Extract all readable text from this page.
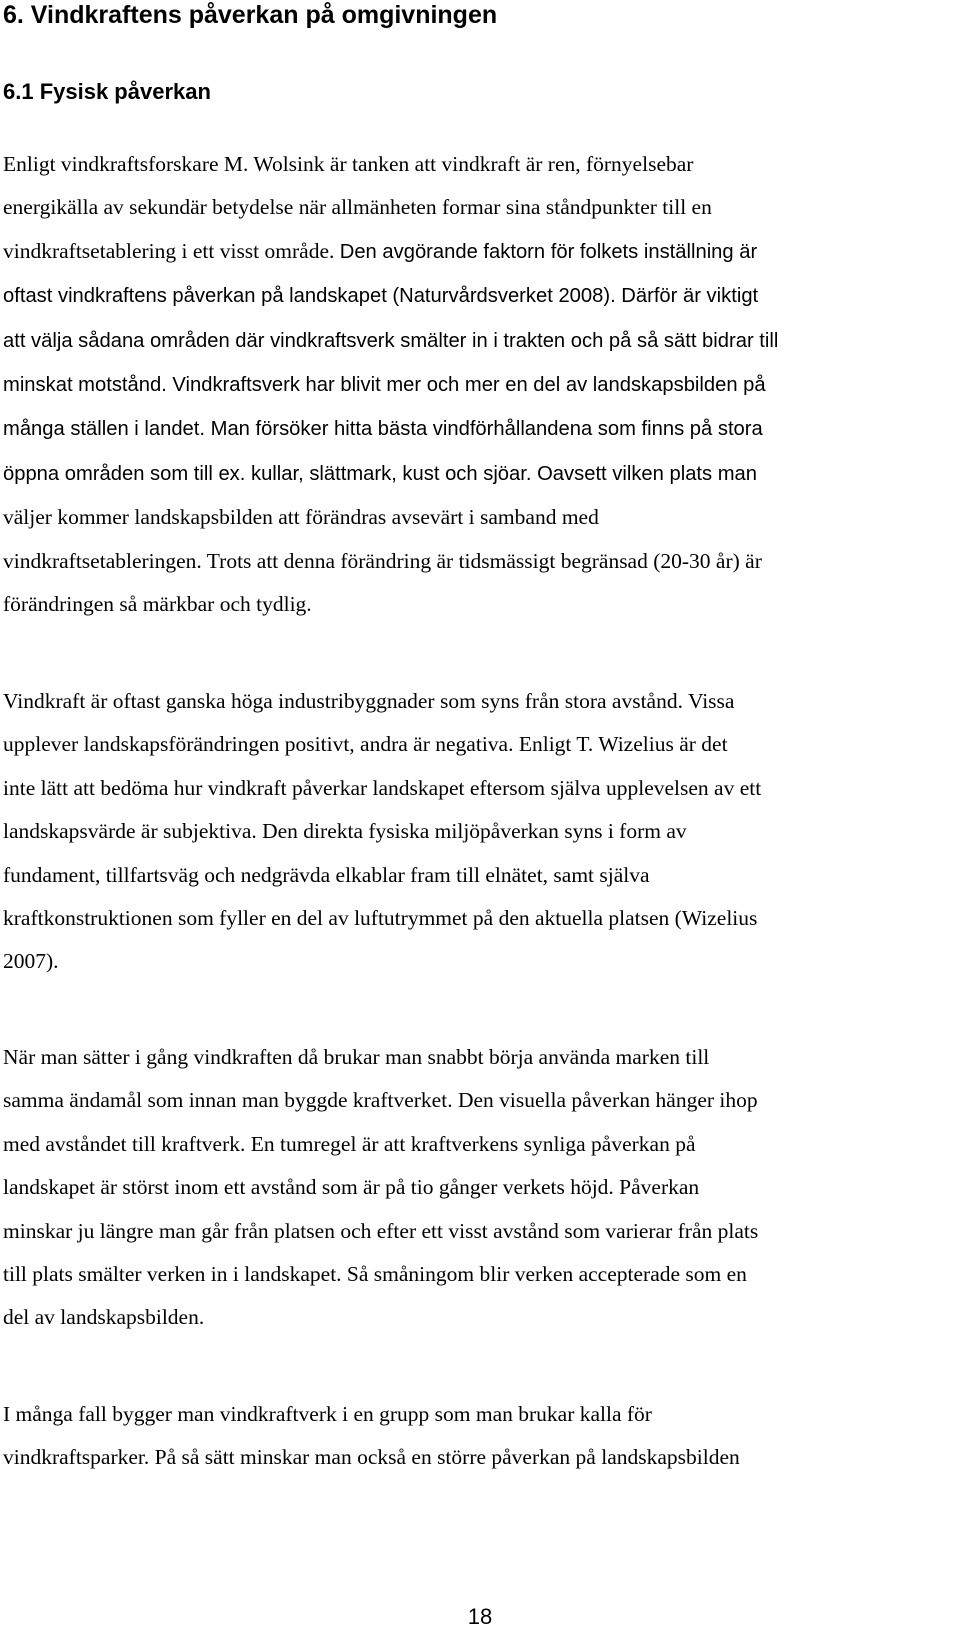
6. Vindkraftens påverkan på omgivningen
6.1 Fysisk påverkan
Enligt vindkraftsforskare M. Wolsink är tanken att vindkraft är ren, förnyelsebar
energikälla av sekundär betydelse när allmänheten formar sina ståndpunkter till en
vindkraftsetablering i ett visst område. Den avgörande faktorn för folkets inställning är
oftast vindkraftens påverkan på landskapet (Naturvårdsverket 2008). Därför är viktigt
att välja sådana områden där vindkraftsverk smälter in i trakten och på så sätt bidrar till
minskat motstånd. Vindkraftsverk har blivit mer och mer en del av landskapsbilden på
många ställen i landet. Man försöker hitta bästa vindförhållandena som finns på stora
öppna områden som till ex. kullar, slättmark, kust och sjöar. Oavsett vilken plats man
väljer kommer landskapsbilden att förändras avsevärt i samband med
vindkraftsetableringen. Trots att denna förändring är tidsmässigt begränsad (20-30 år) är
förändringen så märkbar och tydlig.
Vindkraft är oftast ganska höga industribyggnader som syns från stora avstånd. Vissa
upplever landskapsförändringen positivt, andra är negativa. Enligt T. Wizelius är det
inte lätt att bedöma hur vindkraft påverkar landskapet eftersom själva upplevelsen av ett
landskapsvärde är subjektiva. Den direkta fysiska miljöpåverkan syns i form av
fundament, tillfartsväg och nedgrävda elkablar fram till elnätet, samt själva
kraftkonstruktionen som fyller en del av luftutrymmet på den aktuella platsen (Wizelius
2007).
När man sätter i gång vindkraften då brukar man snabbt börja använda marken till
samma ändamål som innan man byggde kraftverket. Den visuella påverkan hänger ihop
med avståndet till kraftverk. En tumregel är att kraftverkens synliga påverkan på
landskapet är störst inom ett avstånd som är på tio gånger verkets höjd. Påverkan
minskar ju längre man går från platsen och efter ett visst avstånd som varierar från plats
till plats smälter verken in i landskapet. Så småningom blir verken accepterade som en
del av landskapsbilden.
I många fall bygger man vindkraftverk i en grupp som man brukar kalla för
vindkraftsparker. På så sätt minskar man också en större påverkan på landskapsbilden
18
